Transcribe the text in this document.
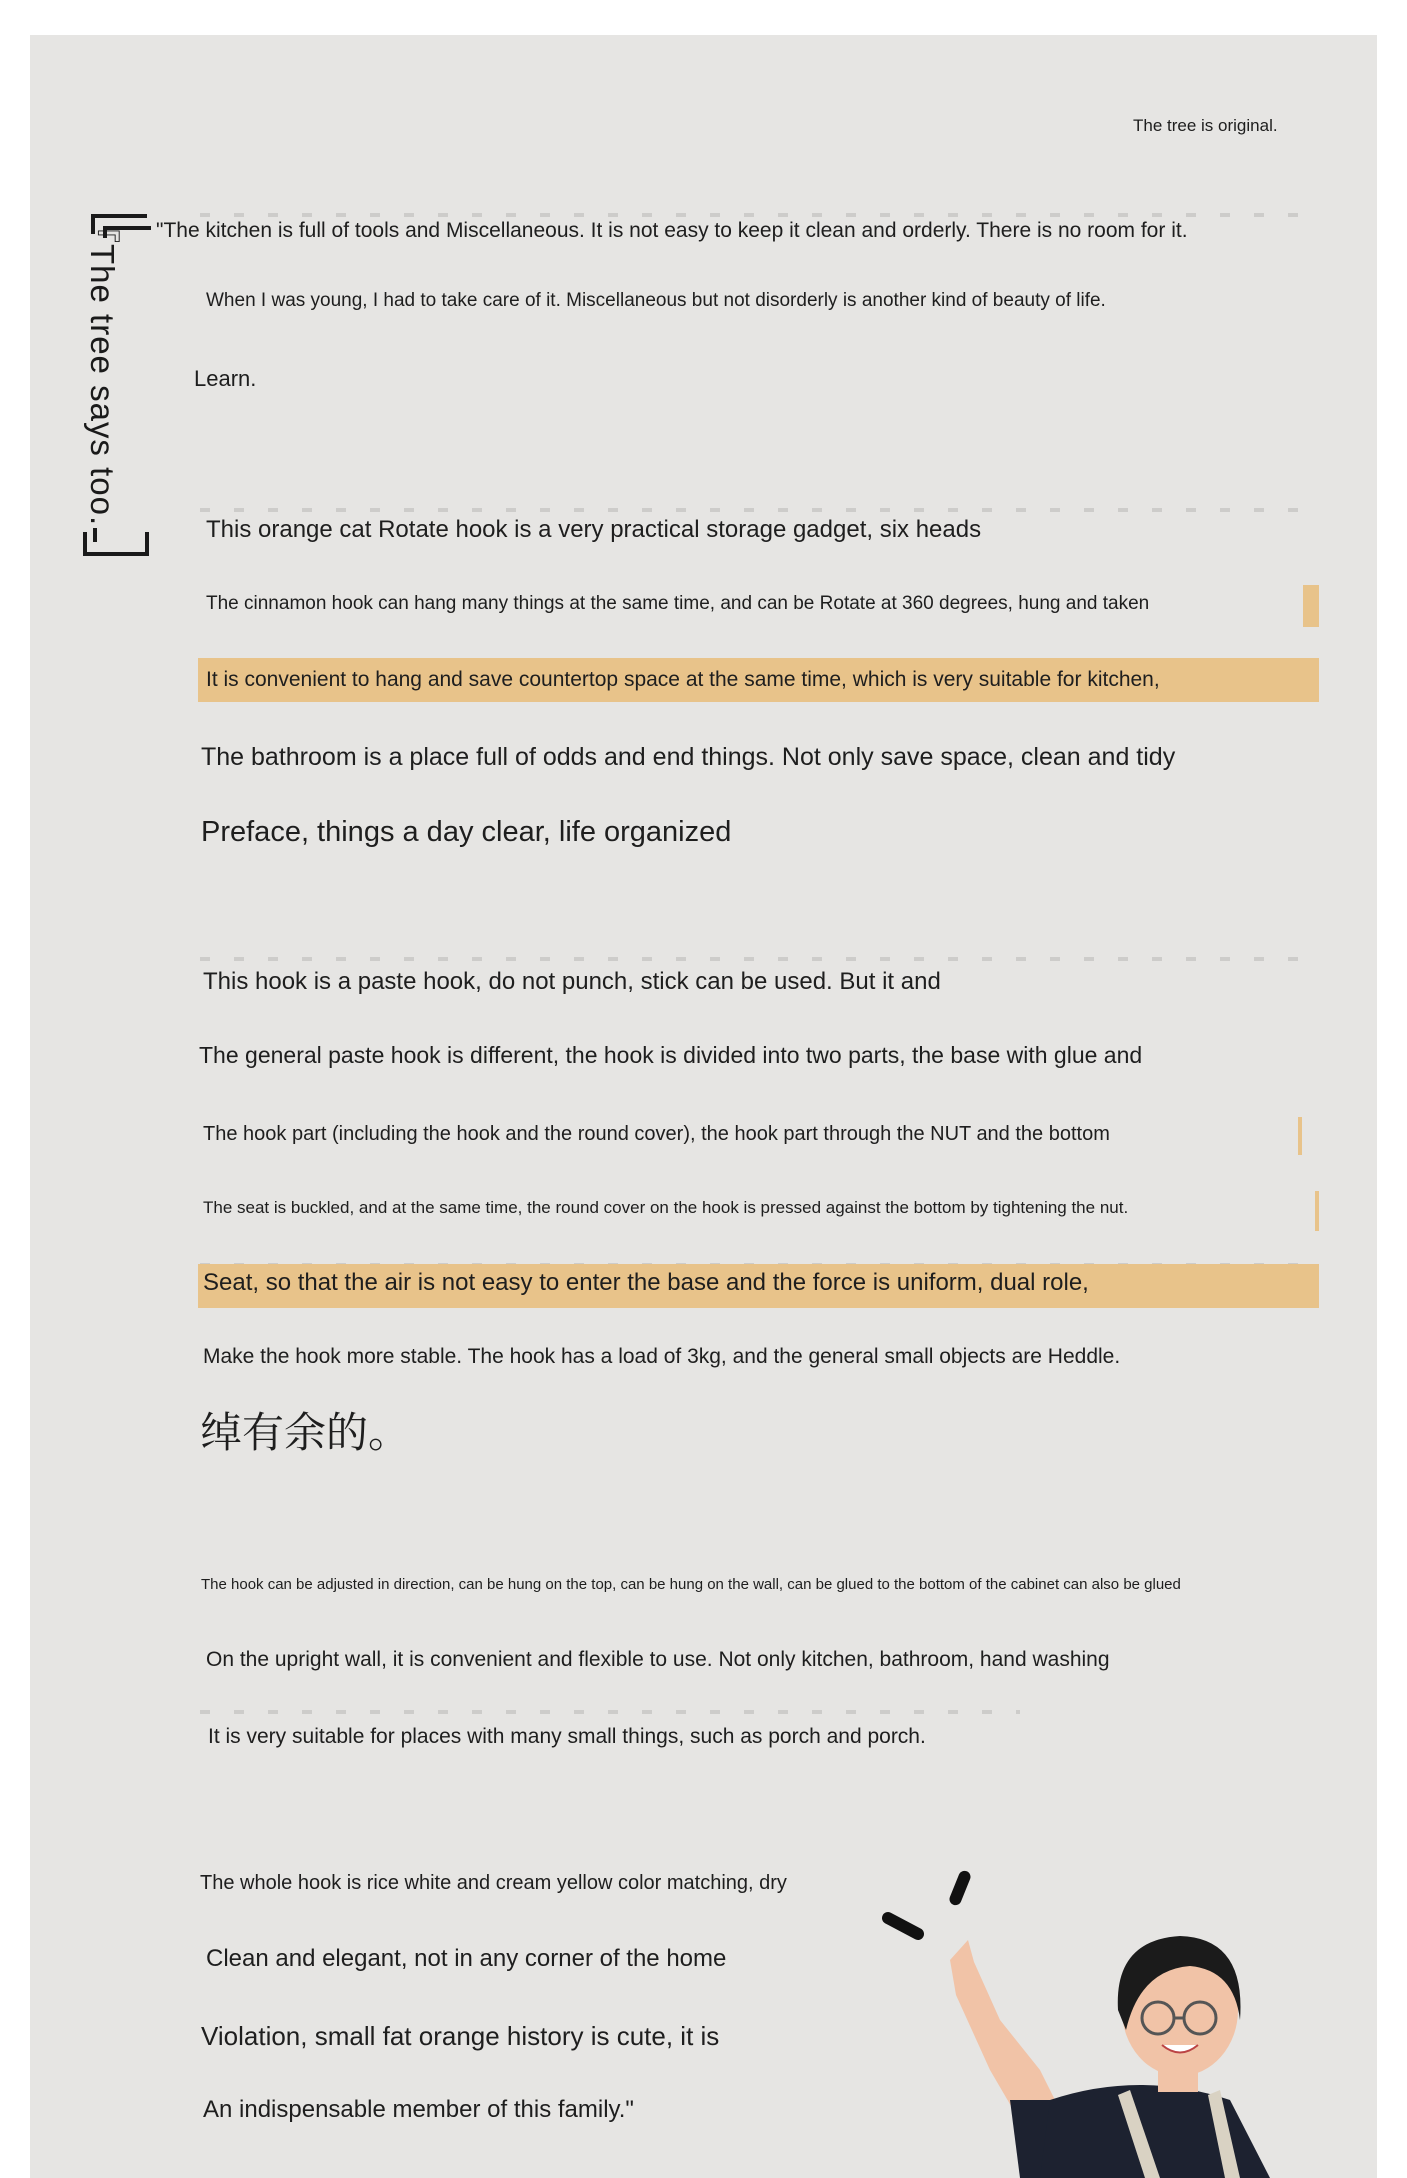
The tree is original.
『The tree says too. "The kitchen is full of tools and Miscellaneous. It is not easy to keep it clean and orderly. There is no room for it.
When I was young, I had to take care of it. Miscellaneous but not disorderly is another kind of beauty of life.
Learn.
This orange cat Rotate hook is a very practical storage gadget, six heads
The cinnamon hook can hang many things at the same time, and can be Rotate at 360 degrees, hung and taken
It is convenient to hang and save countertop space at the same time, which is very suitable for kitchen,
The bathroom is a place full of odds and end things. Not only save space, clean and tidy
Preface, things a day clear, life organized
This hook is a paste hook, do not punch, stick can be used. But it and
The general paste hook is different, the hook is divided into two parts, the base with glue and
The hook part (including the hook and the round cover), the hook part through the NUT and the bottom
The seat is buckled, and at the same time, the round cover on the hook is pressed against the bottom by tightening the nut.
Seat, so that the air is not easy to enter the base and the force is uniform, dual role,
Make the hook more stable. The hook has a load of 3kg, and the general small objects are Heddle.
绰有余的。
The hook can be adjusted in direction, can be hung on the top, can be hung on the wall, can be glued to the bottom of the cabinet can also be glued
On the upright wall, it is convenient and flexible to use. Not only kitchen, bathroom, hand washing
It is very suitable for places with many small things, such as porch and porch.
The whole hook is rice white and cream yellow color matching, dry
Clean and elegant, not in any corner of the home
Violation, small fat orange history is cute, it is
An indispensable member of this family."
